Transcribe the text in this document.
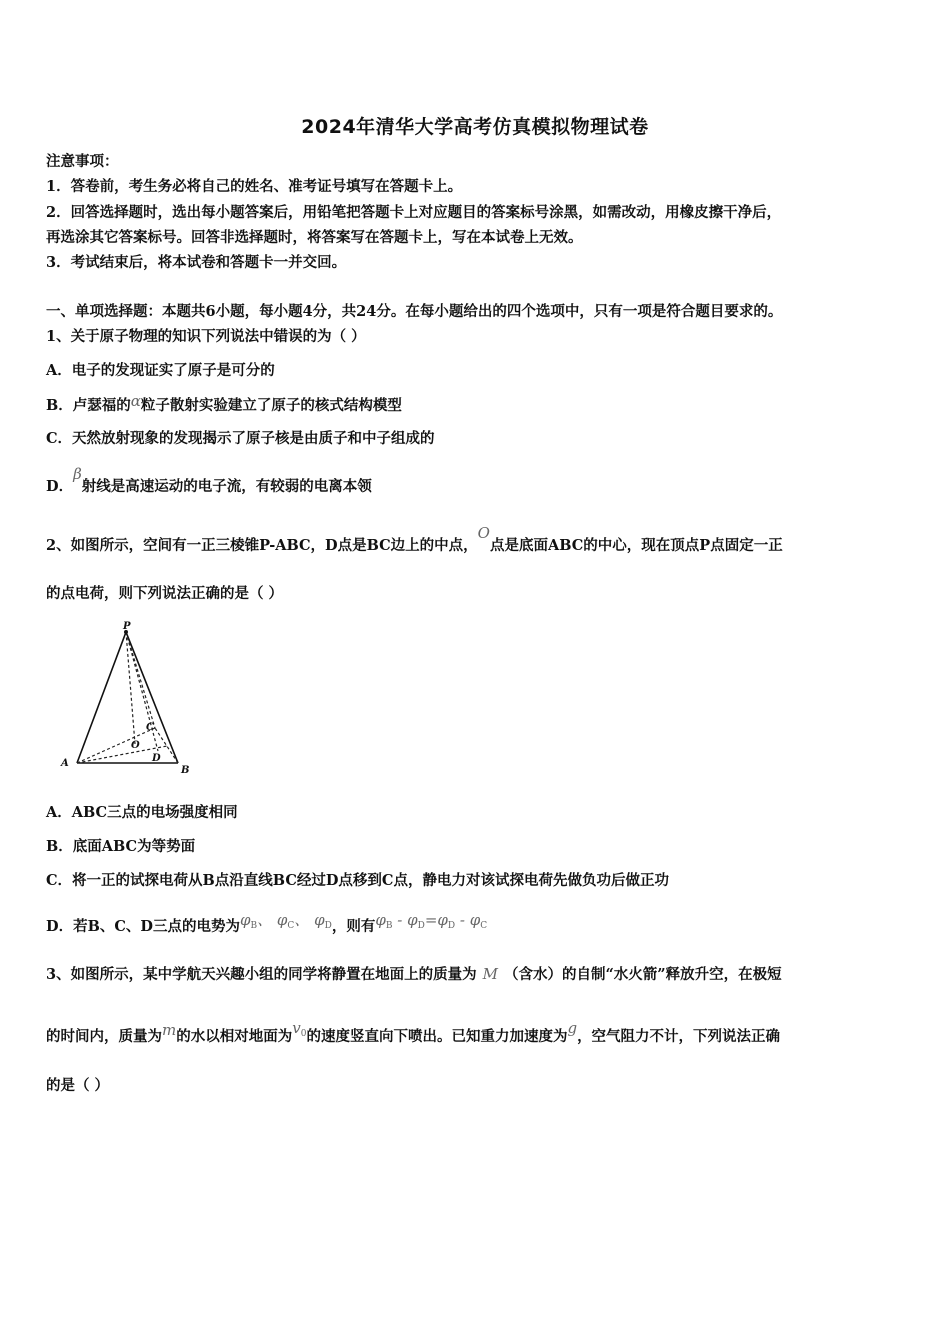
2024年清华大学高考仿真模拟物理试卷
注意事项：
1．答卷前，考生务必将自己的姓名、准考证号填写在答题卡上。
2．回答选择题时，选出每小题答案后，用铅笔把答题卡上对应题目的答案标号涂黑，如需改动，用橡皮擦干净后，
再选涂其它答案标号。回答非选择题时，将答案写在答题卡上，写在本试卷上无效。
3．考试结束后，将本试卷和答题卡一并交回。
一、单项选择题：本题共6小题，每小题4分，共24分。在每小题给出的四个选项中，只有一项是符合题目要求的。
1、关于原子物理的知识下列说法中错误的为（ ）
A．电子的发现证实了原子是可分的
B．卢瑟福的α粒子散射实验建立了原子的核式结构模型
C．天然放射现象的发现揭示了原子核是由质子和中子组成的
D．β射线是高速运动的电子流，有较弱的电离本领
2、如图所示，空间有一正三棱锥P-ABC，D点是BC边上的中点，O点是底面ABC的中心，现在顶点P点固定一正
的点电荷，则下列说法正确的是（ ）
P
A
B
C
D
O
A．ABC三点的电场强度相同
B．底面ABC为等势面
C．将一正的试探电荷从B点沿直线BC经过D点移到C点，静电力对该试探电荷先做负功后做正功
D．若B、C、D三点的电势为$\varphi_B$、 $\varphi_C$、 $\varphi_D$，则有$\varphi_B - \varphi_D=\varphi_D - \varphi_C$
3、如图所示，某中学航天兴趣小组的同学将静置在地面上的质量为 M （含水）的自制“水火箭”释放升空，在极短
的时间内，质量为m的水以相对地面为$v_0$的速度竖直向下喷出。已知重力加速度为g，空气阻力不计，下列说法正确
的是（ ）
